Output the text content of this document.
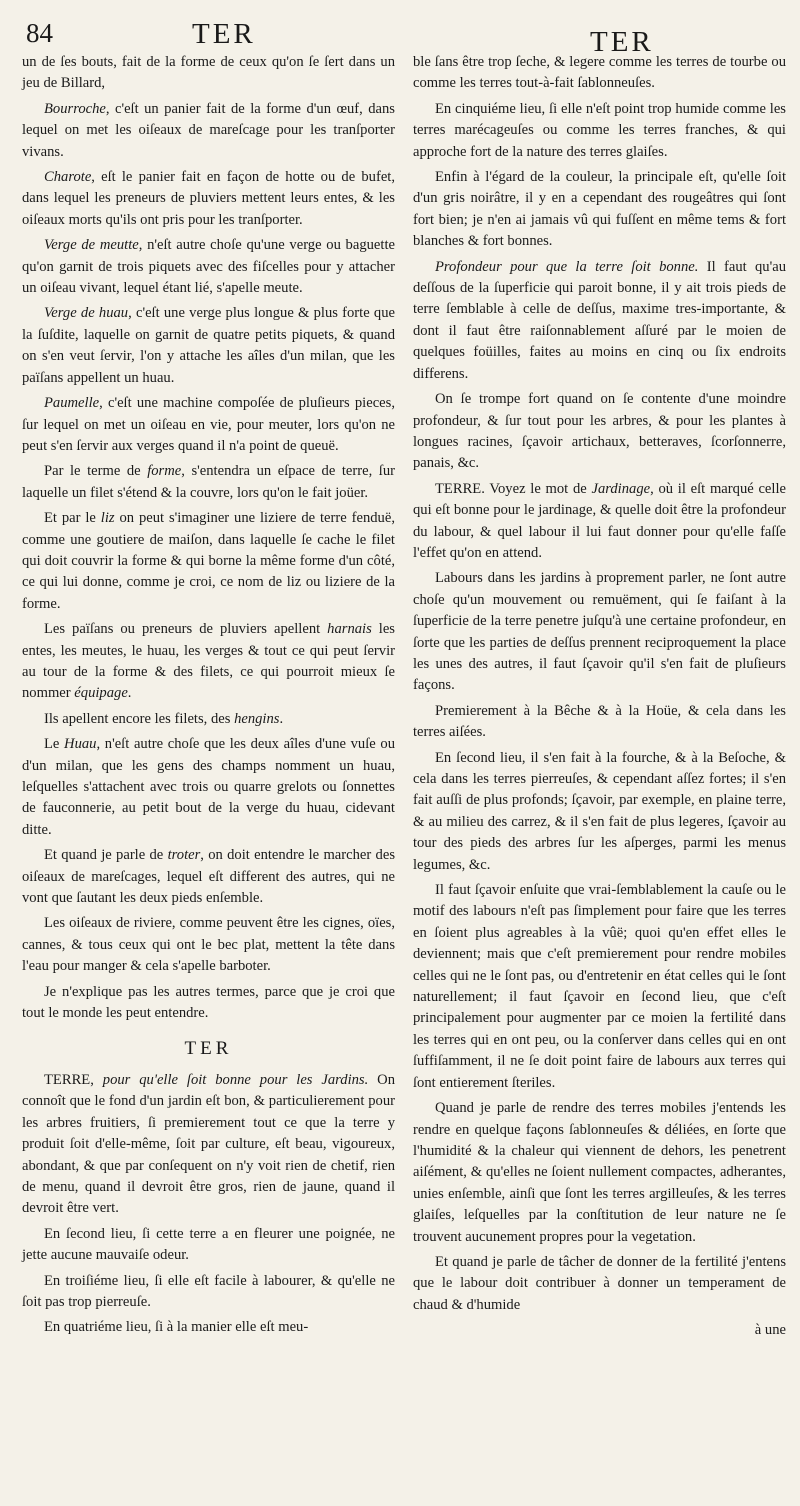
84	TER	TER

un de ſes bouts, fait de la forme de ceux qu'on ſe ſert dans un jeu de Billard,

Bourroche, c'eſt un panier fait de la forme d'un œuf, dans lequel on met les oiſeaux de mareſcage pour les tranſporter vivans.

Charote, eſt le panier fait en façon de hotte ou de bufet, dans lequel les preneurs de pluviers mettent leurs entes, & les oiſeaux morts qu'ils ont pris pour les tranſporter.

Verge de meutte, n'eſt autre choſe qu'une verge ou baguette qu'on garnit de trois piquets avec des fiſcelles pour y attacher un oiſeau vivant, lequel étant lié, s'apelle meute.

Verge de huau, c'eſt une verge plus longue & plus forte que la ſuſdite, laquelle on garnit de quatre petits piquets, & quand on s'en veut ſervir, l'on y attache les aîles d'un milan, que les païſans appellent un huau.

Paumelle, c'eſt une machine compoſée de pluſieurs pieces, ſur lequel on met un oiſeau en vie, pour meuter, lors qu'on ne peut s'en ſervir aux verges quand il n'a point de queuë.

Par le terme de forme, s'entendra un eſpace de terre, ſur laquelle un filet s'étend & la couvre, lors qu'on le fait joüer.

Et par le liz on peut s'imaginer une liziere de terre fenduë, comme une goutiere de maiſon, dans laquelle ſe cache le filet qui doit couvrir la forme & qui borne la même forme d'un côté, ce qui lui donne, comme je croi, ce nom de liz ou liziere de la forme.

Les païſans ou preneurs de pluviers apellent harnais les entes, les meutes, le huau, les verges & tout ce qui peut ſervir au tour de la forme & des filets, ce qui pourroit mieux ſe nommer équipage.

Ils apellent encore les filets, des hengins.

Le Huau, n'eſt autre choſe que les deux aîles d'une vuſe ou d'un milan, que les gens des champs nomment un huau, leſquelles s'attachent avec trois ou quarre grelots ou ſonnettes de fauconnerie, au petit bout de la verge du huau, cidevant ditte.

Et quand je parle de troter, on doit entendre le marcher des oiſeaux de mareſcages, lequel eſt different des autres, qui ne vont que ſautant les deux pieds enſemble.

Les oiſeaux de riviere, comme peuvent être les cignes, oïes, cannes, & tous ceux qui ont le bec plat, mettent la tête dans l'eau pour manger & cela s'apelle barboter.

Je n'explique pas les autres termes, parce que je croi que tout le monde les peut entendre.

TER

TERRE, pour qu'elle ſoit bonne pour les Jardins. On connoît que le fond d'un jardin eſt bon, & particulierement pour les arbres fruitiers, ſi premierement tout ce que la terre y produit ſoit d'elle-même, ſoit par culture, eſt beau, vigoureux, abondant, & que par conſequent on n'y voit rien de chetif, rien de menu, quand il devroit être gros, rien de jaune, quand il devroit être vert.

En ſecond lieu, ſi cette terre a en fleurer une poignée, ne jette aucune mauvaiſe odeur.

En troiſiéme lieu, ſi elle eſt facile à labourer, & qu'elle ne ſoit pas trop pierreuſe.

En quatriéme lieu, ſi à la manier elle eſt meu-

ble ſans être trop ſeche, & legere comme les terres de tourbe ou comme les terres tout-à-fait ſablonneuſes.

En cinquiéme lieu, ſi elle n'eſt point trop humide comme les terres marécageuſes ou comme les terres franches, & qui approche fort de la nature des terres glaiſes.

Enfin à l'égard de la couleur, la principale eſt, qu'elle ſoit d'un gris noirâtre, il y en a cependant des rougeâtres qui ſont fort bien; je n'en ai jamais vû qui fuſſent en même tems & fort blanches & fort bonnes.

Profondeur pour que la terre ſoit bonne. Il faut qu'au deſſous de la ſuperficie qui paroit bonne, il y ait trois pieds de terre ſemblable à celle de deſſus, maxime tres-importante, & dont il faut être raiſonnablement aſſuré par le moien de quelques foüilles, faites au moins en cinq ou ſix endroits differens.

On ſe trompe fort quand on ſe contente d'une moindre profondeur, & ſur tout pour les arbres, & pour les plantes à longues racines, ſçavoir artichaux, betteraves, ſcorſonnerre, panais, &c.

TERRE. Voyez le mot de Jardinage, où il eſt marqué celle qui eſt bonne pour le jardinage, & quelle doit être la profondeur du labour, & quel labour il lui faut donner pour qu'elle faſſe l'effet qu'on en attend.

Labours dans les jardins à proprement parler, ne ſont autre choſe qu'un mouvement ou remuëment, qui ſe faiſant à la ſuperficie de la terre penetre juſqu'à une certaine profondeur, en ſorte que les parties de deſſus prennent reciproquement la place les unes des autres, il faut ſçavoir qu'il s'en fait de pluſieurs façons.

Premierement à la Bêche & à la Hoüe, & cela dans les terres aiſées.

En ſecond lieu, il s'en fait à la fourche, & à la Beſoche, & cela dans les terres pierreuſes, & cependant aſſez fortes; il s'en fait auſſi de plus profonds; ſçavoir, par exemple, en plaine terre, & au milieu des carrez, & il s'en fait de plus legeres, ſçavoir au tour des pieds des arbres ſur les aſperges, parmi les menus legumes, &c.

Il faut ſçavoir enſuite que vrai-ſemblablement la cauſe ou le motif des labours n'eſt pas ſimplement pour faire que les terres en ſoient plus agreables à la vûë; quoi qu'en effet elles le deviennent; mais que c'eſt premierement pour rendre mobiles celles qui ne le ſont pas, ou d'entretenir en état celles qui le ſont naturellement; il faut ſçavoir en ſecond lieu, que c'eſt principalement pour augmenter par ce moien la fertilité dans les terres qui en ont peu, ou la conſerver dans celles qui en ont ſuffiſamment, il ne ſe doit point faire de labours aux terres qui ſont entierement ſteriles.

Quand je parle de rendre des terres mobiles j'entends les rendre en quelque façons ſablonneuſes & déliées, en ſorte que l'humidité & la chaleur qui viennent de dehors, les penetrent aiſément, & qu'elles ne ſoient nullement compactes, adherantes, unies enſemble, ainſi que ſont les terres argilleuſes, & les terres glaiſes, leſquelles par la conſtitution de leur nature ne ſe trouvent aucunement propres pour la vegetation.

Et quand je parle de tâcher de donner de la fertilité j'entens que le labour doit contribuer à donner un temperament de chaud & d'humide

à une
